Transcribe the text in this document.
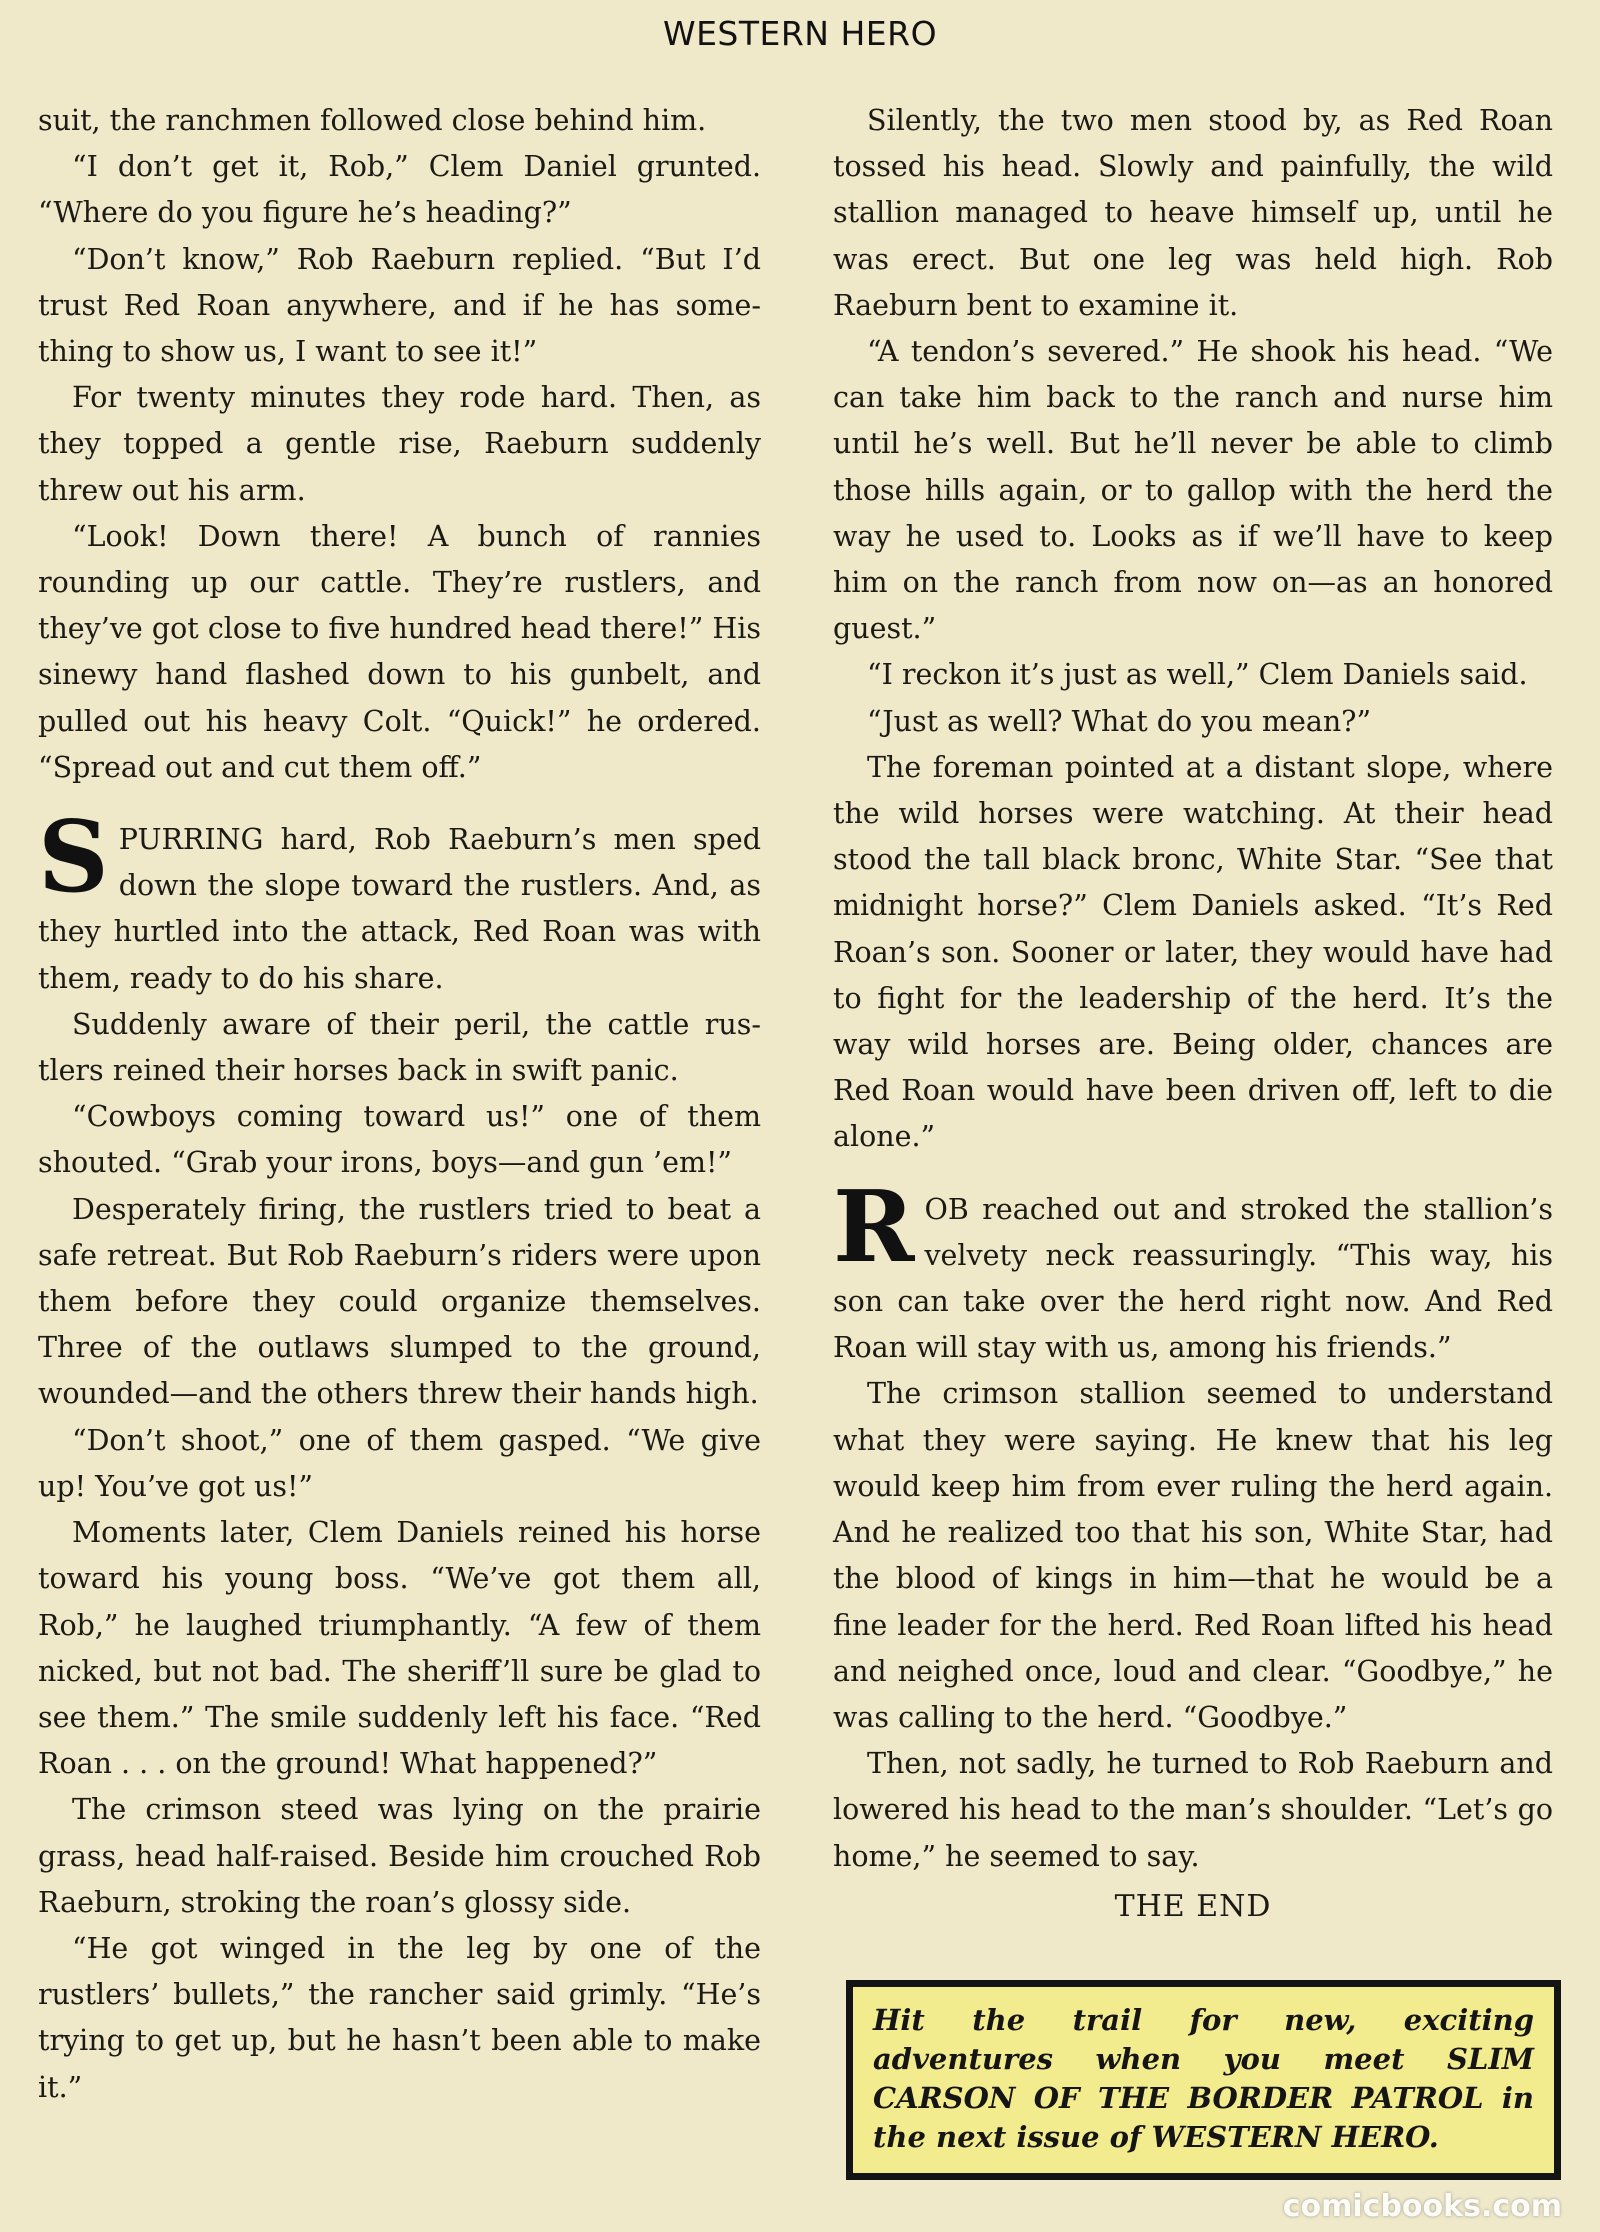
WESTERN HERO

suit, the ranchmen followed close behind him.

“I don’t get it, Rob,” Clem Daniel grunted. “Where do you figure he’s heading?”

“Don’t know,” Rob Raeburn replied. “But I’d trust Red Roan anywhere, and if he has something to show us, I want to see it!”

For twenty minutes they rode hard. Then, as they topped a gentle rise, Raeburn suddenly threw out his arm.

“Look! Down there! A bunch of rannies rounding up our cattle. They’re rustlers, and they’ve got close to five hundred head there!” His sinewy hand flashed down to his gunbelt, and pulled out his heavy Colt. “Quick!” he ordered. “Spread out and cut them off.”

SPURRING hard, Rob Raeburn’s men sped down the slope toward the rustlers. And, as they hurtled into the attack, Red Roan was with them, ready to do his share.

Suddenly aware of their peril, the cattle rustlers reined their horses back in swift panic.

“Cowboys coming toward us!” one of them shouted. “Grab your irons, boys—and gun ’em!”

Desperately firing, the rustlers tried to beat a safe retreat. But Rob Raeburn’s riders were upon them before they could organize themselves. Three of the outlaws slumped to the ground, wounded—and the others threw their hands high.

“Don’t shoot,” one of them gasped. “We give up! You’ve got us!”

Moments later, Clem Daniels reined his horse toward his young boss. “We’ve got them all, Rob,” he laughed triumphantly. “A few of them nicked, but not bad. The sheriff’ll sure be glad to see them.” The smile suddenly left his face. “Red Roan . . . on the ground! What happened?”

The crimson steed was lying on the prairie grass, head half-raised. Beside him crouched Rob Raeburn, stroking the roan’s glossy side.

“He got winged in the leg by one of the rustlers’ bullets,” the rancher said grimly. “He’s trying to get up, but he hasn’t been able to make it.”

Silently, the two men stood by, as Red Roan tossed his head. Slowly and painfully, the wild stallion managed to heave himself up, until he was erect. But one leg was held high. Rob Raeburn bent to examine it.

“A tendon’s severed.” He shook his head. “We can take him back to the ranch and nurse him until he’s well. But he’ll never be able to climb those hills again, or to gallop with the herd the way he used to. Looks as if we’ll have to keep him on the ranch from now on—as an honored guest.”

“I reckon it’s just as well,” Clem Daniels said.

“Just as well? What do you mean?”

The foreman pointed at a distant slope, where the wild horses were watching. At their head stood the tall black bronc, White Star. “See that midnight horse?” Clem Daniels asked. “It’s Red Roan’s son. Sooner or later, they would have had to fight for the leadership of the herd. It’s the way wild horses are. Being older, chances are Red Roan would have been driven off, left to die alone.”

ROB reached out and stroked the stallion’s velvety neck reassuringly. “This way, his son can take over the herd right now. And Red Roan will stay with us, among his friends.”

The crimson stallion seemed to understand what they were saying. He knew that his leg would keep him from ever ruling the herd again. And he realized too that his son, White Star, had the blood of kings in him—that he would be a fine leader for the herd. Red Roan lifted his head and neighed once, loud and clear. “Goodbye,” he was calling to the herd. “Goodbye.”

Then, not sadly, he turned to Rob Raeburn and lowered his head to the man’s shoulder. “Let’s go home,” he seemed to say.

THE END
Hit the trail for new, exciting adventures when you meet SLIM CARSON OF THE BORDER PATROL in the next issue of WESTERN HERO.
comicbooks.com
